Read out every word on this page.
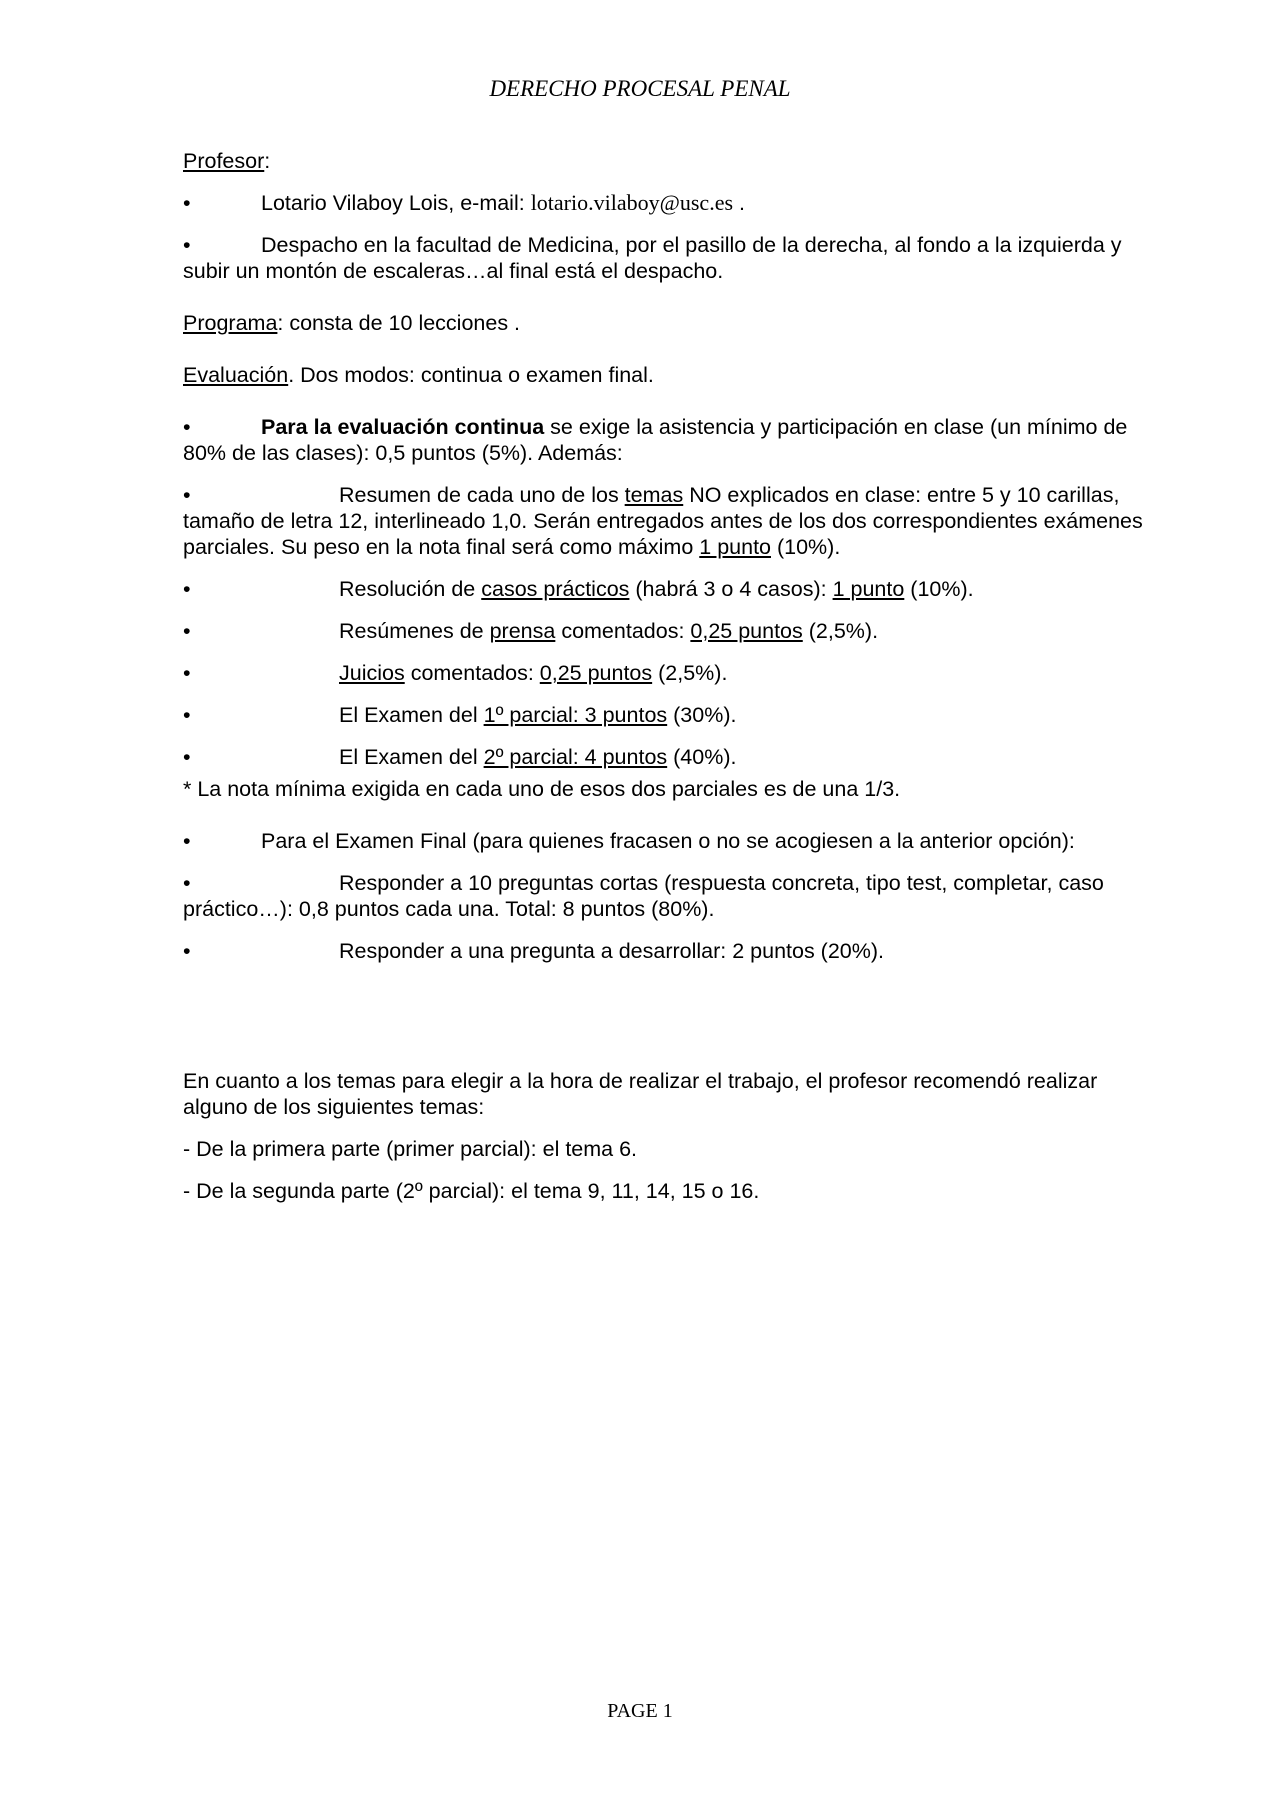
DERECHO PROCESAL PENAL

Profesor:

•	Lotario Vilaboy Lois, e-mail: lotario.vilaboy@usc.es .

•	Despacho en la facultad de Medicina, por el pasillo de la derecha, al fondo a la izquierda y subir un montón de escaleras…al final está el despacho.

Programa: consta de 10 lecciones .

Evaluación. Dos modos: continua o examen final.

•	Para la evaluación continua se exige la asistencia y participación en clase (un mínimo de 80% de las clases): 0,5 puntos (5%). Además:

•	Resumen de cada uno de los temas NO explicados en clase: entre 5 y 10 carillas, tamaño de letra 12, interlineado 1,0. Serán entregados antes de los dos correspondientes exámenes parciales. Su peso en la nota final será como máximo 1 punto (10%).

•	Resolución de casos prácticos (habrá 3 o 4 casos): 1 punto (10%).

•	Resúmenes de prensa comentados: 0,25 puntos (2,5%).

•	Juicios comentados: 0,25 puntos (2,5%).

•	El Examen del 1º parcial: 3 puntos (30%).

•	El Examen del 2º parcial: 4 puntos (40%).

* La nota mínima exigida en cada uno de esos dos parciales es de una 1/3.

•	Para el Examen Final (para quienes fracasen o no se acogiesen a la anterior opción):

•	Responder a 10 preguntas cortas (respuesta concreta, tipo test, completar, caso práctico…): 0,8 puntos cada una. Total: 8 puntos (80%).

•	Responder a una pregunta a desarrollar: 2 puntos (20%).

En cuanto a los temas para elegir a la hora de realizar el trabajo, el profesor recomendó realizar alguno de los siguientes temas:

- De la primera parte (primer parcial): el tema 6.

- De la segunda parte (2º parcial): el tema 9, 11, 14, 15 o 16.

PAGE 1
